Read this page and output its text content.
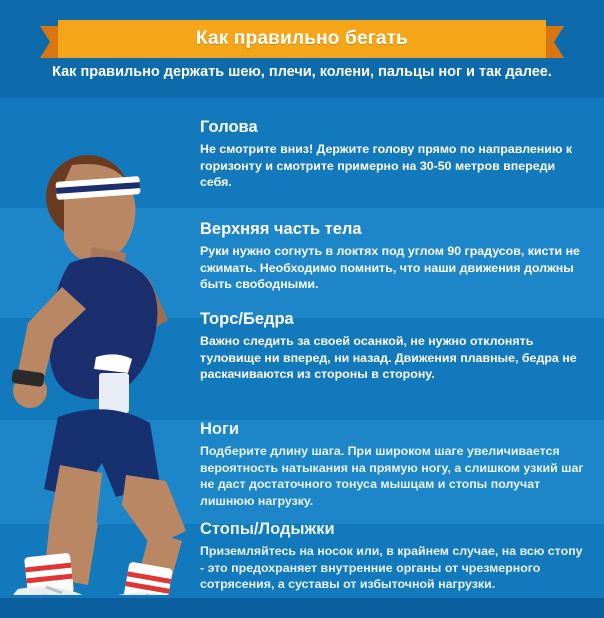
Как правильно бегать
Как правильно держать шею, плечи, колени, пальцы ног и так далее.
Голова

Не смотрите вниз! Держите голову прямо по направлению к горизонту и смотрите примерно на 30-50 метров впереди себя.

Верхняя часть тела

Руки нужно согнуть в локтях под углом 90 градусов, кисти не сжимать. Необходимо помнить, что наши движения должны быть свободными.

Торс/Бедра

Важно следить за своей осанкой, не нужно отклонять туловище ни вперед, ни назад. Движения плавные, бедра не раскачиваются из стороны в сторону.

Ноги

Подберите длину шага. При широком шаге увеличивается вероятность натыкания на прямую ногу, а слишком узкий шаг не даст достаточного тонуса мышцам и стопы получат лишнюю нагрузку.

Стопы/Лодыжки

Приземляйтесь на носок или, в крайнем случае, на всю стопу - это предохраняет внутренние органы от чрезмерного сотрясения, а суставы от избыточной нагрузки.
